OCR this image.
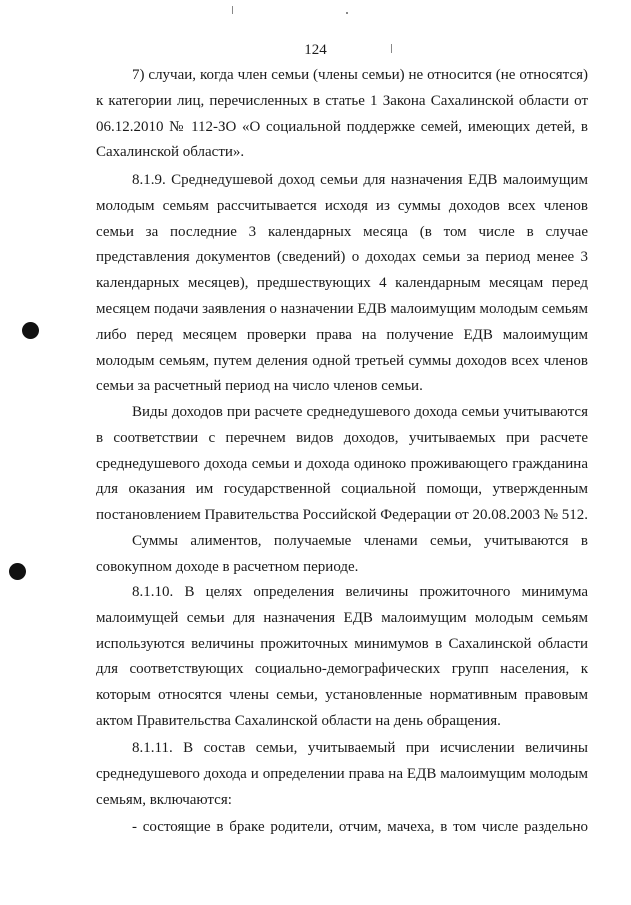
124
7) случаи, когда член семьи (члены семьи) не относится (не относятся)
к категории лиц, перечисленных в статье 1 Закона Сахалинской области от
06.12.2010 № 112-ЗО «О социальной поддержке семей, имеющих детей, в
Сахалинской области».
8.1.9. Среднедушевой доход семьи для назначения ЕДВ малоимущим
молодым семьям рассчитывается исходя из суммы доходов всех членов
семьи за последние 3 календарных месяца (в том числе в случае
представления документов (сведений) о доходах семьи за период менее 3
календарных месяцев), предшествующих 4 календарным месяцам перед
месяцем подачи заявления о назначении ЕДВ малоимущим молодым семьям
либо перед месяцем проверки права на получение ЕДВ малоимущим
молодым семьям, путем деления одной третьей суммы доходов всех членов
семьи за расчетный период на число членов семьи.
Виды доходов при расчете среднедушевого дохода семьи учитываются
в соответствии с перечнем видов доходов, учитываемых при расчете
среднедушевого дохода семьи и дохода одиноко проживающего гражданина
для оказания им государственной социальной помощи, утвержденным
постановлением Правительства Российской Федерации от 20.08.2003 № 512.
Суммы алиментов, получаемые членами семьи, учитываются в
совокупном доходе в расчетном периоде.
8.1.10. В целях определения величины прожиточного минимума
малоимущей семьи для назначения ЕДВ малоимущим молодым семьям
используются величины прожиточных минимумов в Сахалинской области
для соответствующих социально-демографических групп населения, к
которым относятся члены семьи, установленные нормативным правовым
актом Правительства Сахалинской области на день обращения.
8.1.11. В состав семьи, учитываемый при исчислении величины
среднедушевого дохода и определении права на ЕДВ малоимущим молодым
семьям, включаются:
- состоящие в браке родители, отчим, мачеха, в том числе раздельно
